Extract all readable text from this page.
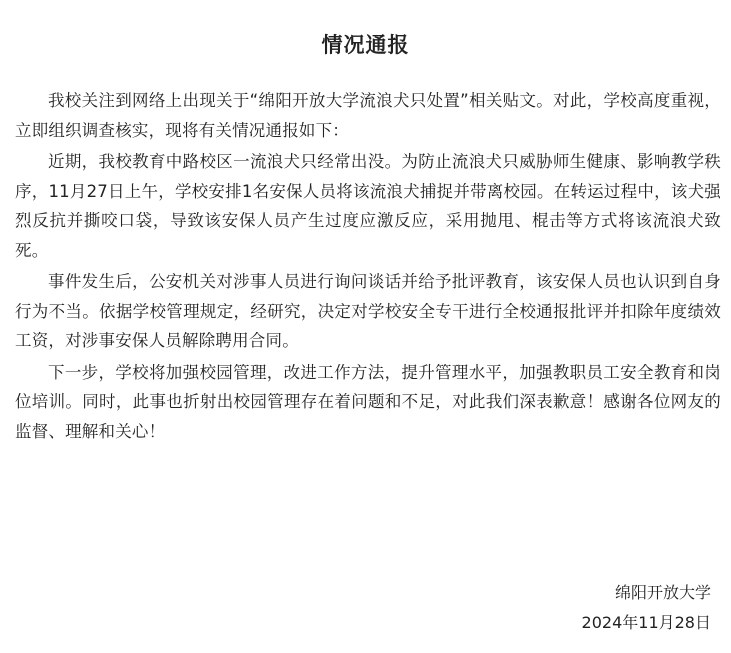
情况通报

我校关注到网络上出现关于“绵阳开放大学流浪犬只处置”相关贴文。对此，学校高度重视，立即组织调查核实，现将有关情况通报如下：

近期，我校教育中路校区一流浪犬只经常出没。为防止流浪犬只威胁师生健康、影响教学秩序，11月27日上午，学校安排1名安保人员将该流浪犬捕捉并带离校园。在转运过程中，该犬强烈反抗并撕咬口袋，导致该安保人员产生过度应激反应，采用抛甩、棍击等方式将该流浪犬致死。

事件发生后，公安机关对涉事人员进行询问谈话并给予批评教育，该安保人员也认识到自身行为不当。依据学校管理规定，经研究，决定对学校安全专干进行全校通报批评并扣除年度绩效工资，对涉事安保人员解除聘用合同。

下一步，学校将加强校园管理，改进工作方法，提升管理水平，加强教职员工安全教育和岗位培训。同时，此事也折射出校园管理存在着问题和不足，对此我们深表歉意！感谢各位网友的监督、理解和关心！

绵阳开放大学
2024年11月28日
